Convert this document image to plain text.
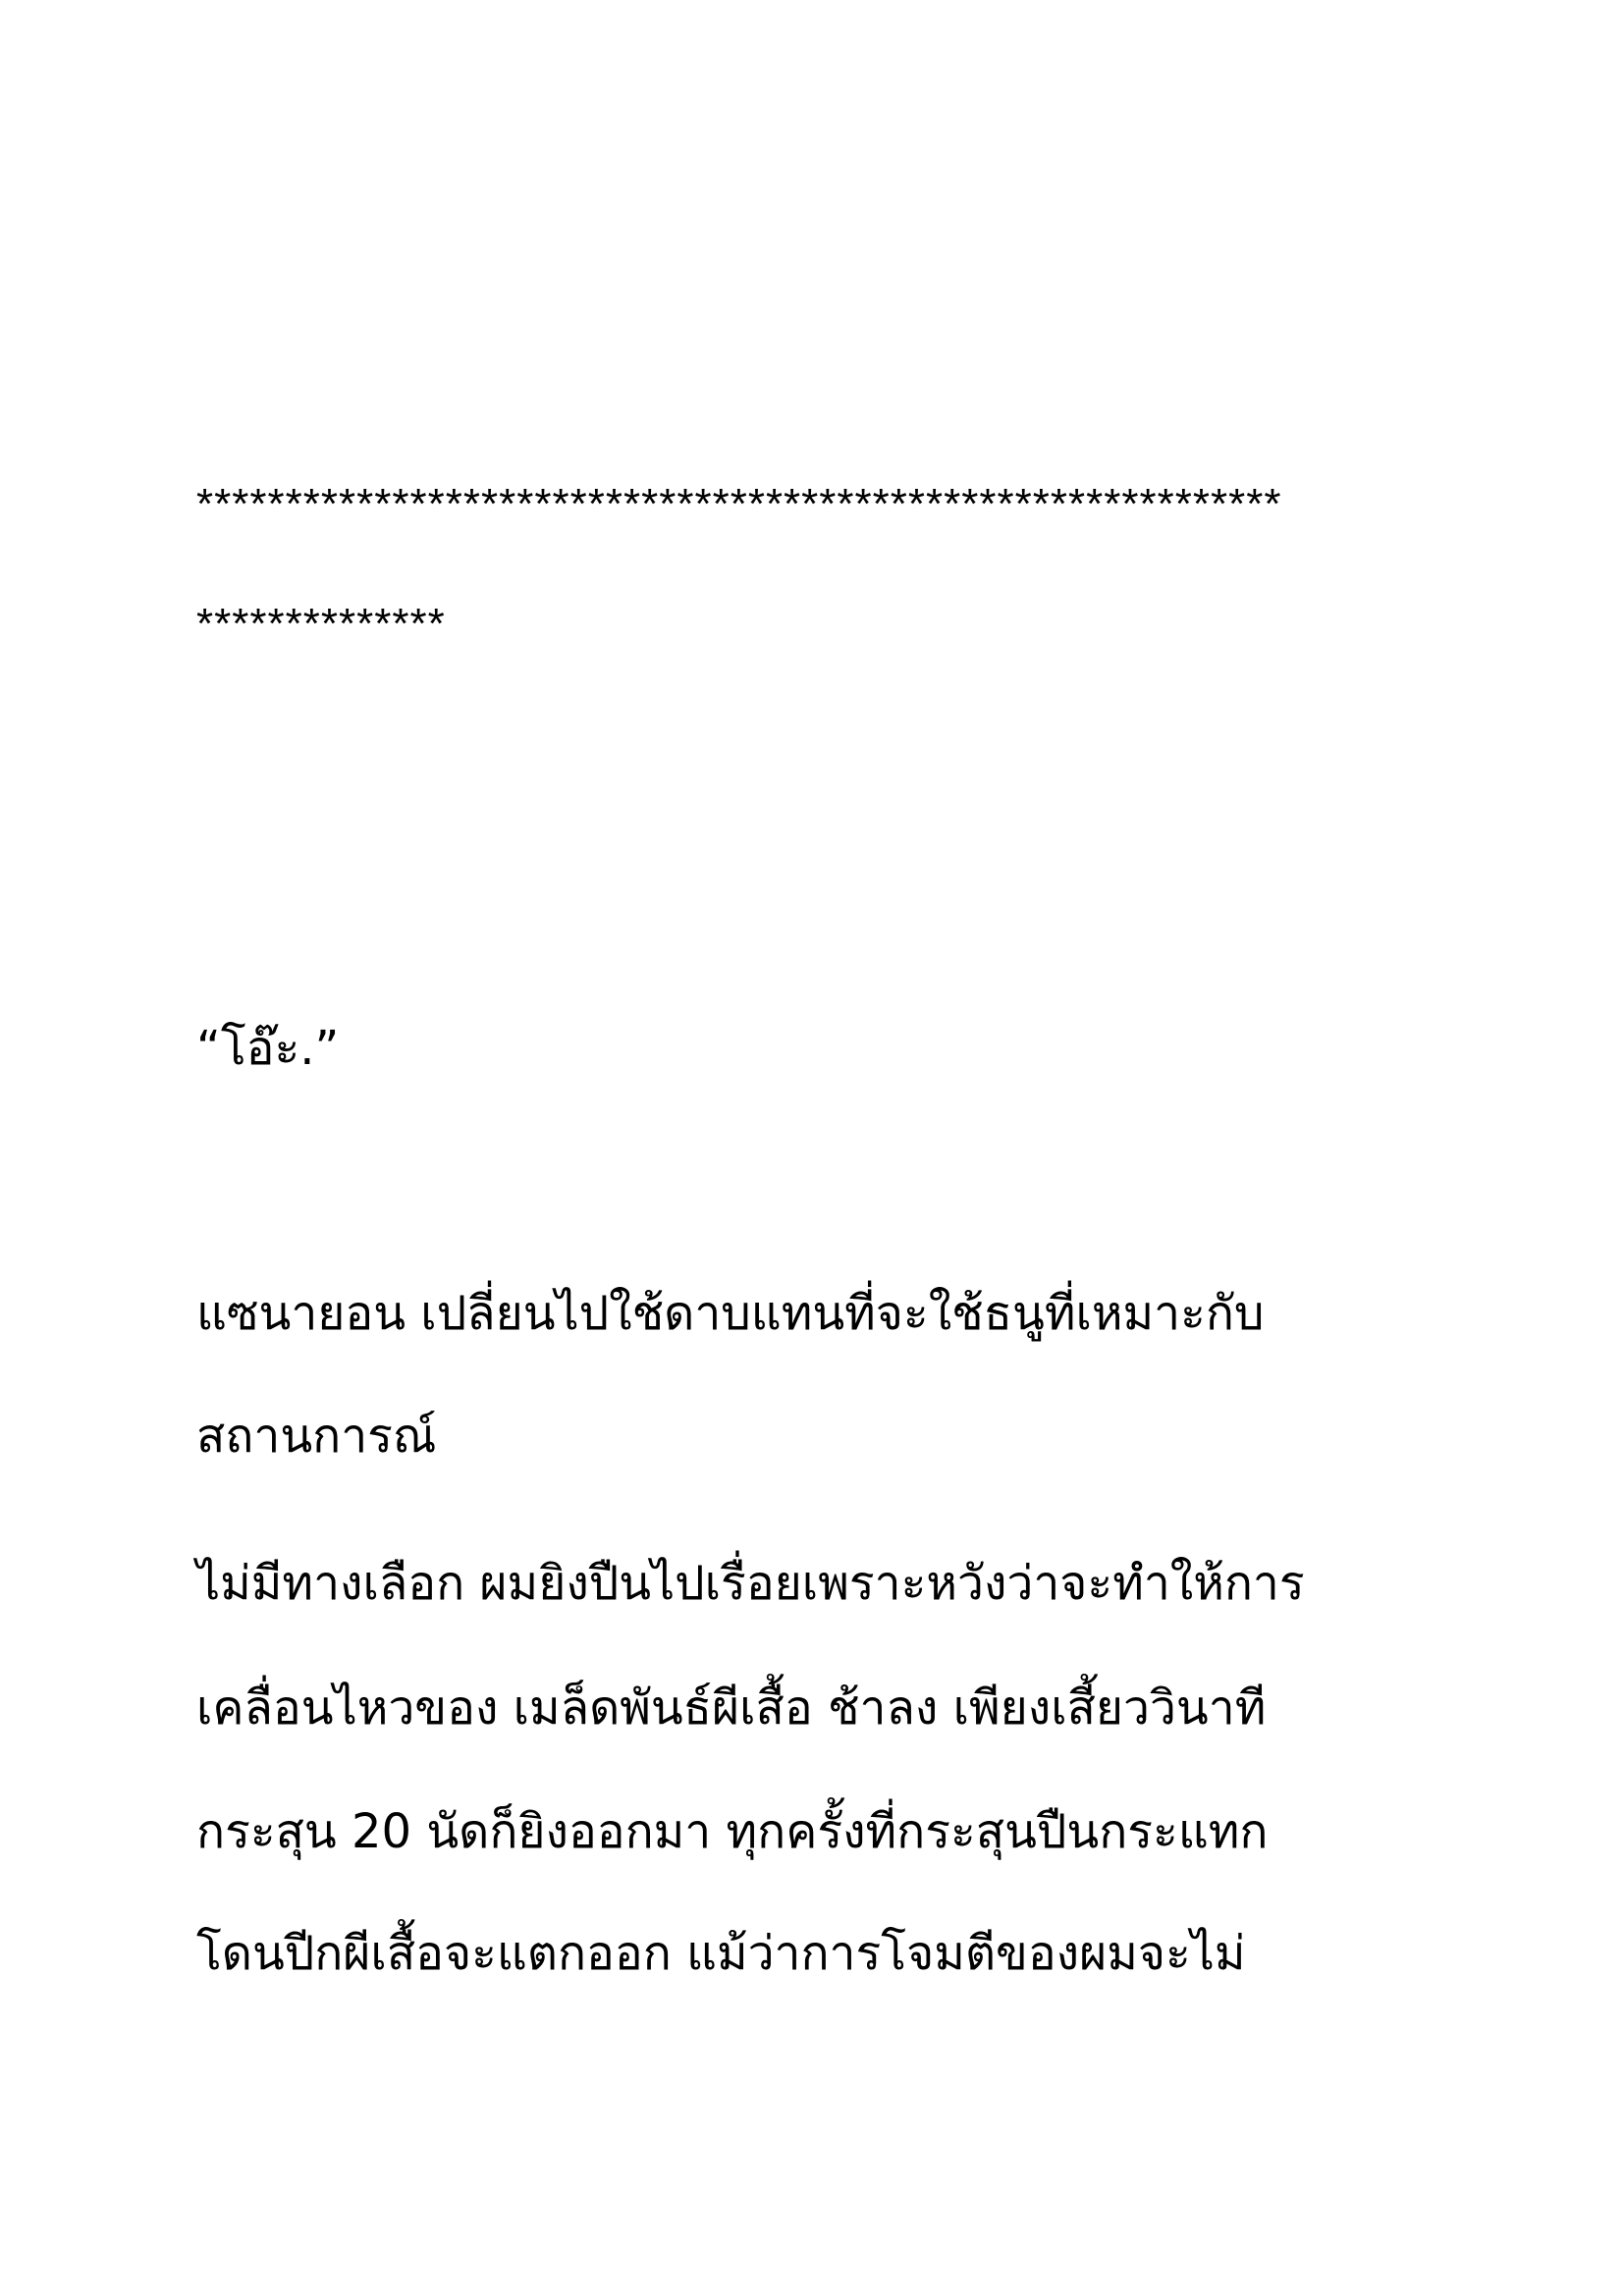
*************************************************************

**************

“โอ๊ะ.”

แซนายอน เปลี่ยนไปใช้ดาบแทนที่จะใช้ธนูที่เหมาะกับ

สถานการณ์

ไม่มีทางเลือก ผมยิงปืนไปเรื่อยเพราะหวังว่าจะทำให้การ

เคลื่อนไหวของ เมล็ดพันธ์ผีเสื้อ ช้าลง เพียงเสี้ยววินาที

กระสุน 20 นัดก็ยิงออกมา ทุกครั้งที่กระสุนปืนกระแทก

โดนปีกผีเสื้อจะแตกออก แม้ว่าการโจมตีของผมจะไม่
